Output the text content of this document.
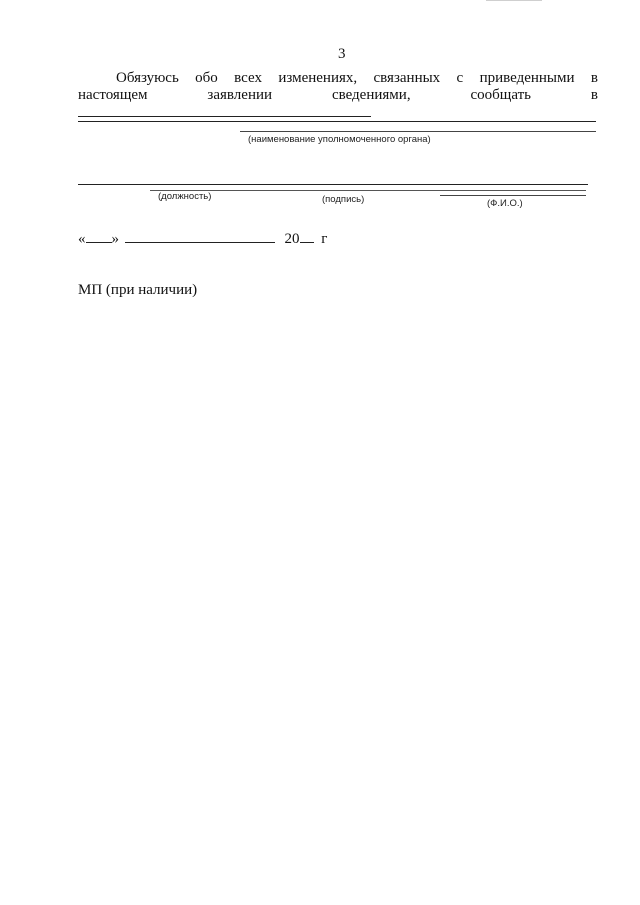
3
Обязуюсь обо всех изменениях, связанных с приведенными в настоящем заявлении сведениями, сообщать в
(наименование уполномоченного органа)
(должность)	(подпись)	(Ф.И.О.)
« »	20 г
МП (при наличии)
